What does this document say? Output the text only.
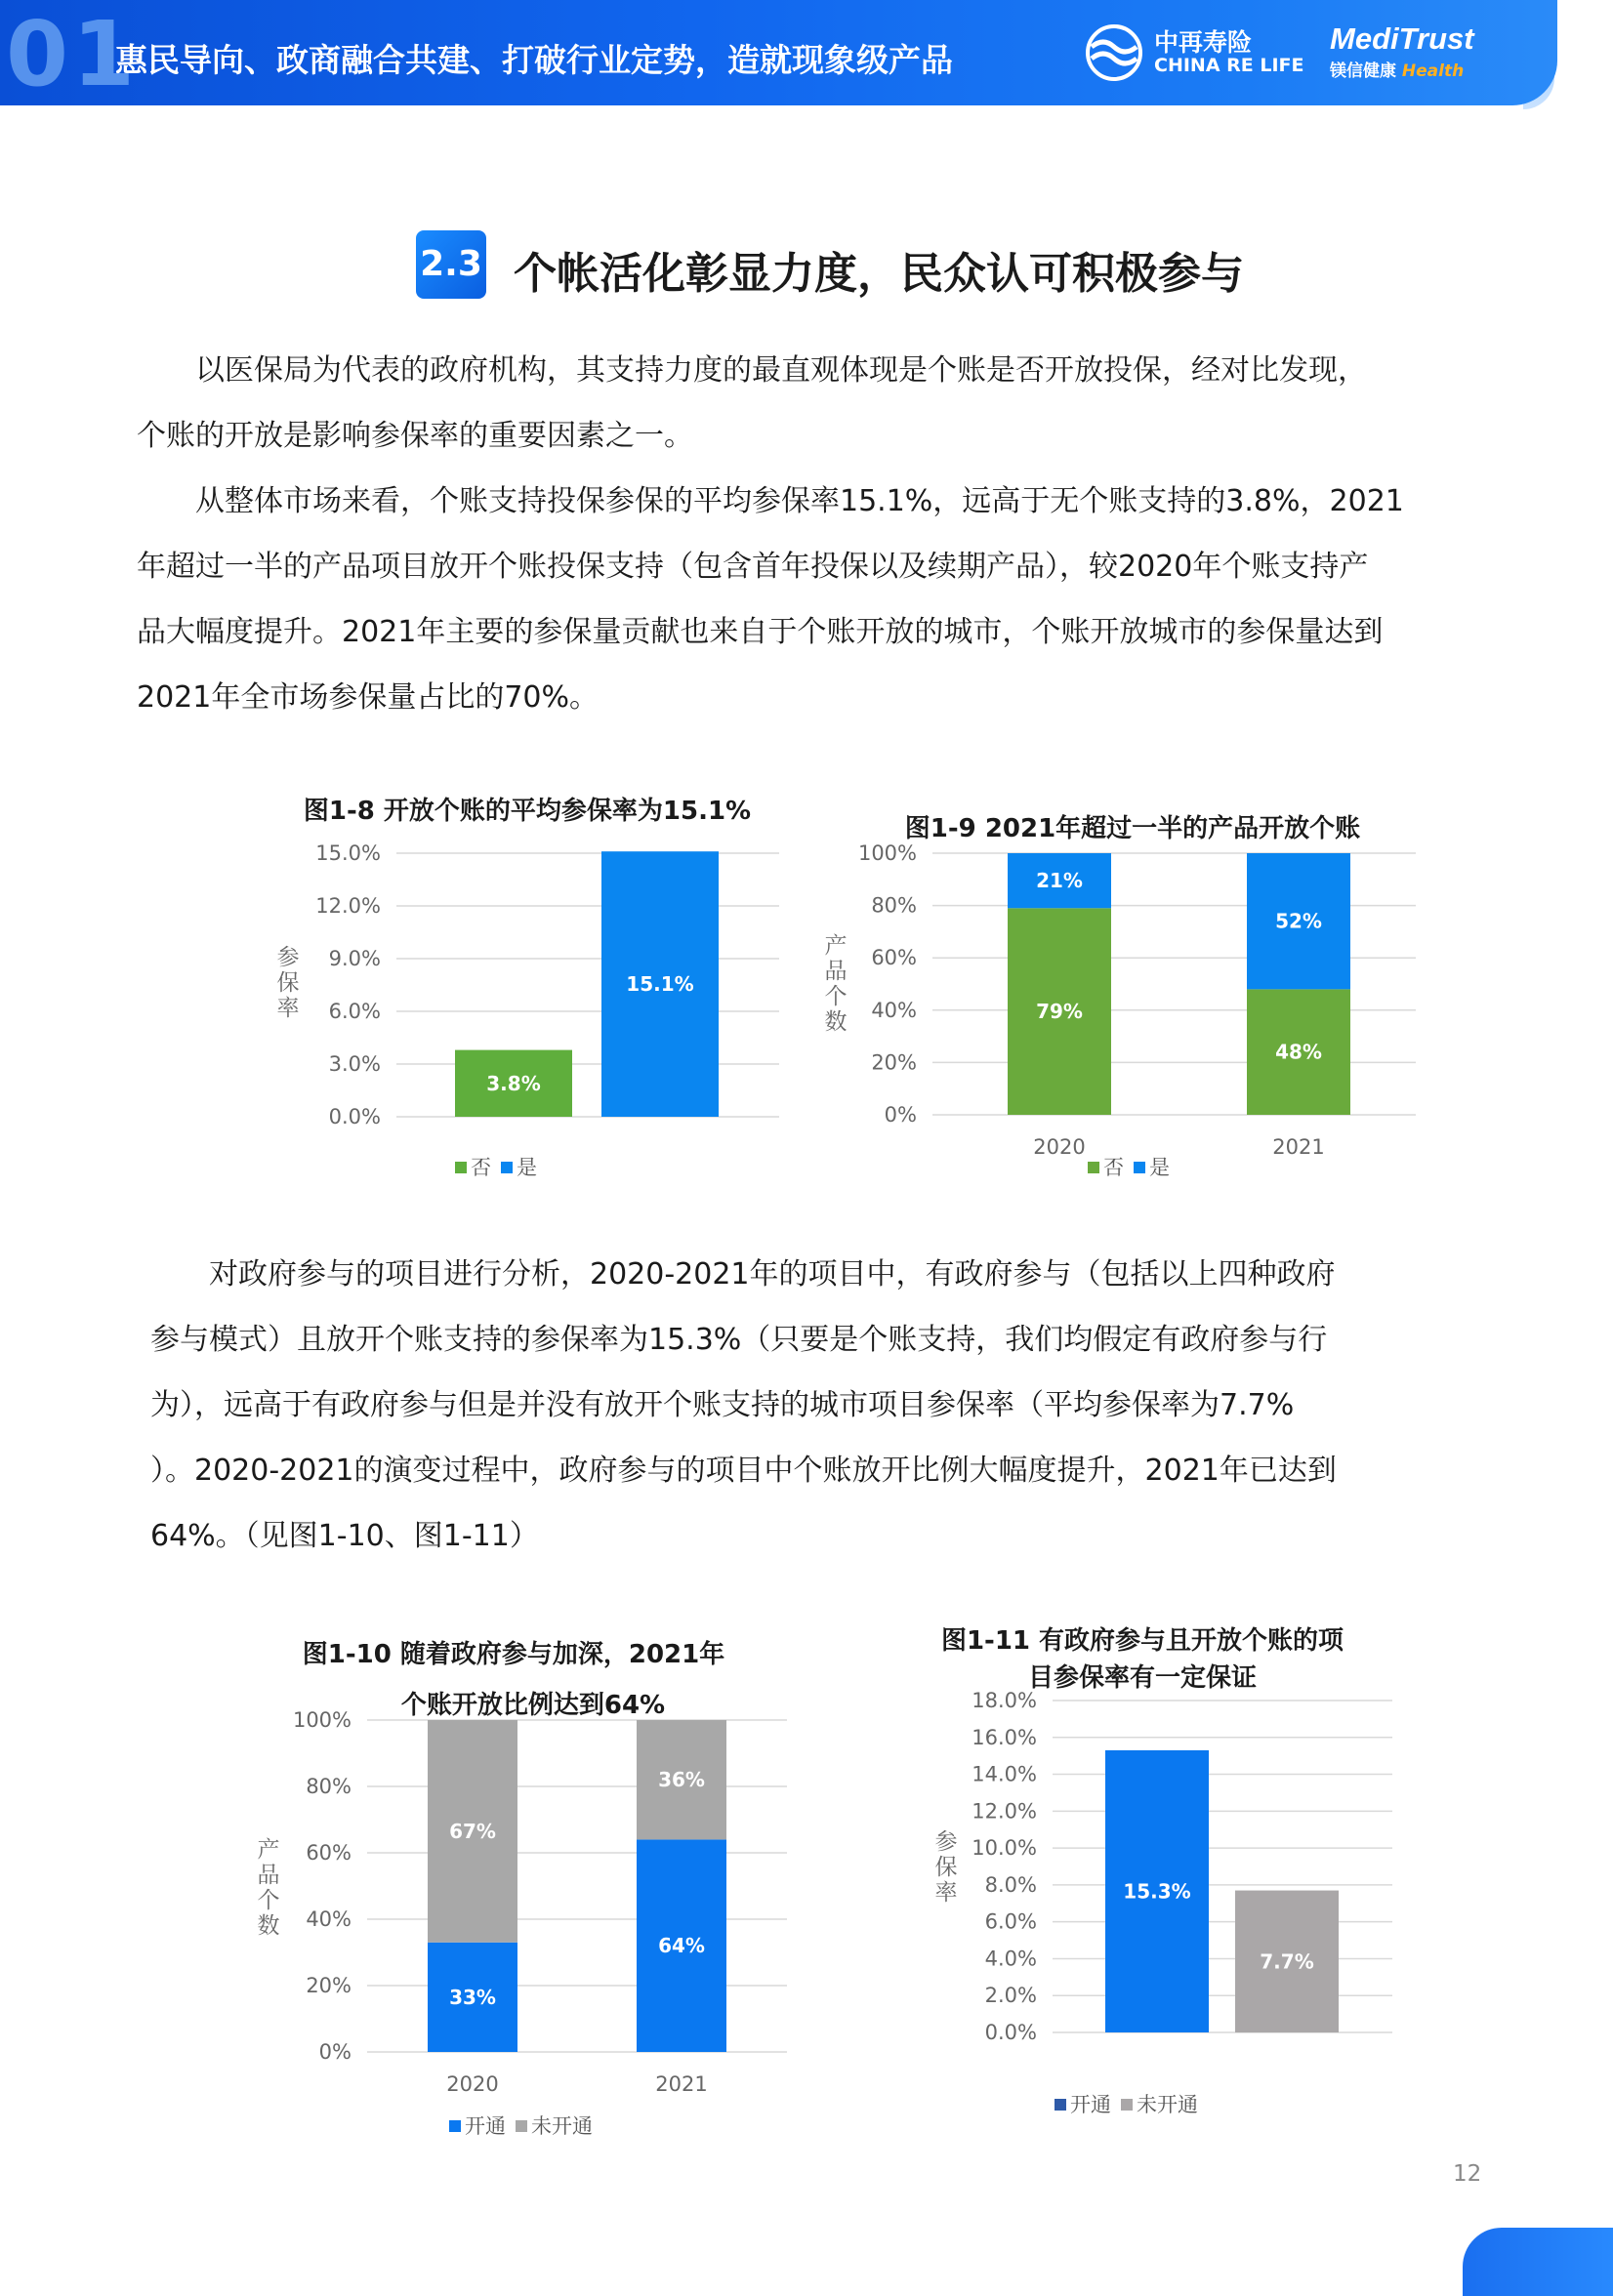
01
惠民导向、政商融合共建、打破行业定势，造就现象级产品	中再寿险
CHINA RE LIFE
MediTrust
镁信健康 Health
2.3 个帐活化彰显力度，民众认可积极参与
　　以医保局为代表的政府机构，其支持力度的最直观体现是个账是否开放投保，经对比发现，
个账的开放是影响参保率的重要因素之一。
　　从整体市场来看，个账支持投保参保的平均参保率15.1%，远高于无个账支持的3.8%，2021
年超过一半的产品项目放开个账投保支持（包含首年投保以及续期产品），较2020年个账支持产
品大幅度提升。2021年主要的参保量贡献也来自于个账开放的城市，个账开放城市的参保量达到
2021年全市场参保量占比的70%。
　　对政府参与的项目进行分析，2020-2021年的项目中，有政府参与（包括以上四种政府
参与模式）且放开个账支持的参保率为15.3%（只要是个账支持，我们均假定有政府参与行
为），远高于有政府参与但是并没有放开个账支持的城市项目参保率（平均参保率为7.7%
）。2020-2021的演变过程中，政府参与的项目中个账放开比例大幅度提升，2021年已达到
64%。（见图1-10、图1-11）
图1-8 开放个账的平均参保率为15.1%
参保率
0.0%
3.0%
6.0%
9.0%
12.0%
15.0%
3.8%
15.1%
否 是
图1-9 2021年超过一半的产品开放个账
产品个数
0%
20%
40%
60%
80%
100%
79%
21%
2020
48%
52%
2021
否 是
图1-10 随着政府参与加深，2021年
个账开放比例达到64%
产品个数
0%
20%
40%
60%
80%
100%
33%
67%
2020
64%
36%
2021
开通 未开通
图1-11 有政府参与且开放个账的项
目参保率有一定保证
参保率
0.0%
2.0%
4.0%
6.0%
8.0%
10.0%
12.0%
14.0%
16.0%
18.0%
15.3%
7.7%
开通 未开通
12
